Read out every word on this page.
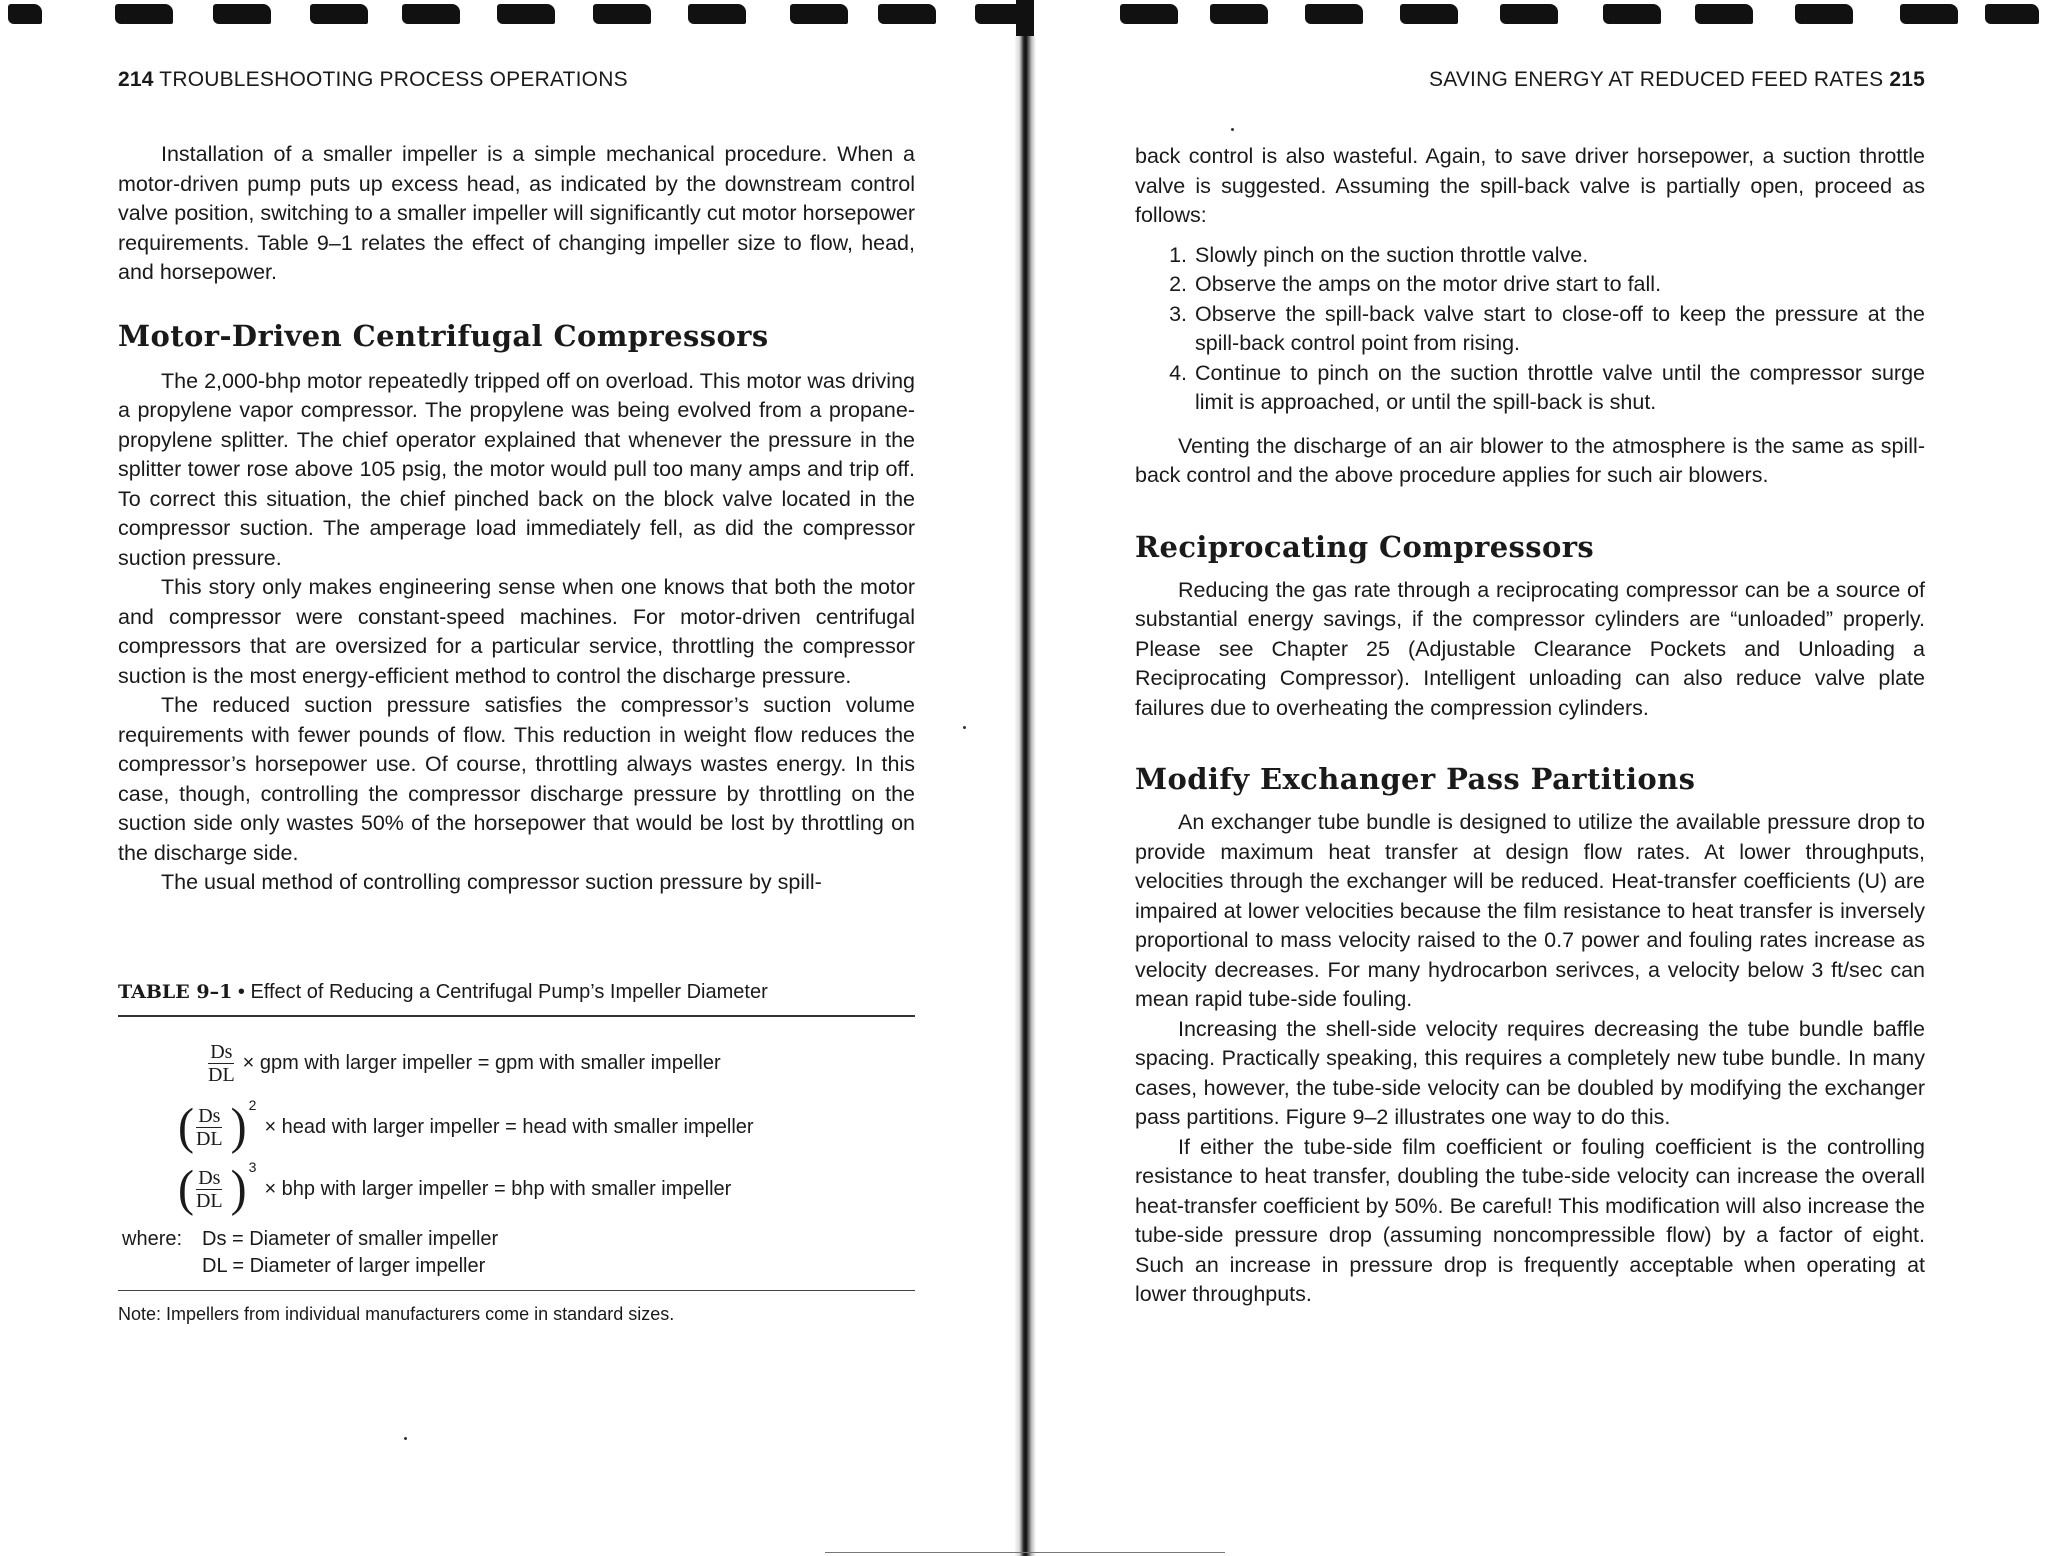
214 TROUBLESHOOTING PROCESS OPERATIONS

Installation of a smaller impeller is a simple mechanical procedure. When a motor-driven pump puts up excess head, as indicated by the downstream control valve position, switching to a smaller impeller will significantly cut motor horsepower requirements. Table 9–1 relates the effect of changing impeller size to flow, head, and horsepower.

Motor-Driven Centrifugal Compressors

The 2,000-bhp motor repeatedly tripped off on overload. This motor was driving a propylene vapor compressor. The propylene was being evolved from a propane-propylene splitter. The chief operator explained that whenever the pressure in the splitter tower rose above 105 psig, the motor would pull too many amps and trip off. To correct this situation, the chief pinched back on the block valve located in the compressor suction. The amperage load immediately fell, as did the compressor suction pressure.

This story only makes engineering sense when one knows that both the motor and compressor were constant-speed machines. For motor-driven centrifugal compressors that are oversized for a particular service, throttling the compressor suction is the most energy-efficient method to control the discharge pressure.

The reduced suction pressure satisfies the compressor’s suction volume requirements with fewer pounds of flow. This reduction in weight flow reduces the compressor’s horsepower use. Of course, throttling always wastes energy. In this case, though, controlling the compressor discharge pressure by throttling on the suction side only wastes 50% of the horsepower that would be lost by throttling on the discharge side.

The usual method of controlling compressor suction pressure by spill-

TABLE 9–1 • Effect of Reducing a Centrifugal Pump’s Impeller Diameter
$\frac{Ds}{DL}$ × gpm with larger impeller = gpm with smaller impeller
( $\frac{Ds}{DL}$ ) 2
× head with larger impeller = head with smaller impeller
( $\frac{Ds}{DL}$ ) 3
× bhp with larger impeller = bhp with smaller impeller
where: Ds = Diameter of smaller impeller
DL = Diameter of larger impeller
Note: Impellers from individual manufacturers come in standard sizes.
SAVING ENERGY AT REDUCED FEED RATES 215

back control is also wasteful. Again, to save driver horsepower, a suction throttle valve is suggested. Assuming the spill-back valve is partially open, proceed as follows:

1. Slowly pinch on the suction throttle valve.
2. Observe the amps on the motor drive start to fall.
3. Observe the spill-back valve start to close-off to keep the pressure at the spill-back control point from rising.
4. Continue to pinch on the suction throttle valve until the compressor surge limit is approached, or until the spill-back is shut.

Venting the discharge of an air blower to the atmosphere is the same as spill-back control and the above procedure applies for such air blowers.

Reciprocating Compressors

Reducing the gas rate through a reciprocating compressor can be a source of substantial energy savings, if the compressor cylinders are “unloaded” properly. Please see Chapter 25 (Adjustable Clearance Pockets and Unloading a Reciprocating Compressor). Intelligent unloading can also reduce valve plate failures due to overheating the compression cylinders.

Modify Exchanger Pass Partitions

An exchanger tube bundle is designed to utilize the available pressure drop to provide maximum heat transfer at design flow rates. At lower throughputs, velocities through the exchanger will be reduced. Heat-transfer coefficients (U) are impaired at lower velocities because the film resistance to heat transfer is inversely proportional to mass velocity raised to the 0.7 power and fouling rates increase as velocity decreases. For many hydrocarbon serivces, a velocity below 3 ft/sec can mean rapid tube-side fouling.

Increasing the shell-side velocity requires decreasing the tube bundle baffle spacing. Practically speaking, this requires a completely new tube bundle. In many cases, however, the tube-side velocity can be doubled by modifying the exchanger pass partitions. Figure 9–2 illustrates one way to do this.

If either the tube-side film coefficient or fouling coefficient is the controlling resistance to heat transfer, doubling the tube-side velocity can increase the overall heat-transfer coefficient by 50%. Be careful! This modification will also increase the tube-side pressure drop (assuming noncompressible flow) by a factor of eight. Such an increase in pressure drop is frequently acceptable when operating at lower throughputs.
